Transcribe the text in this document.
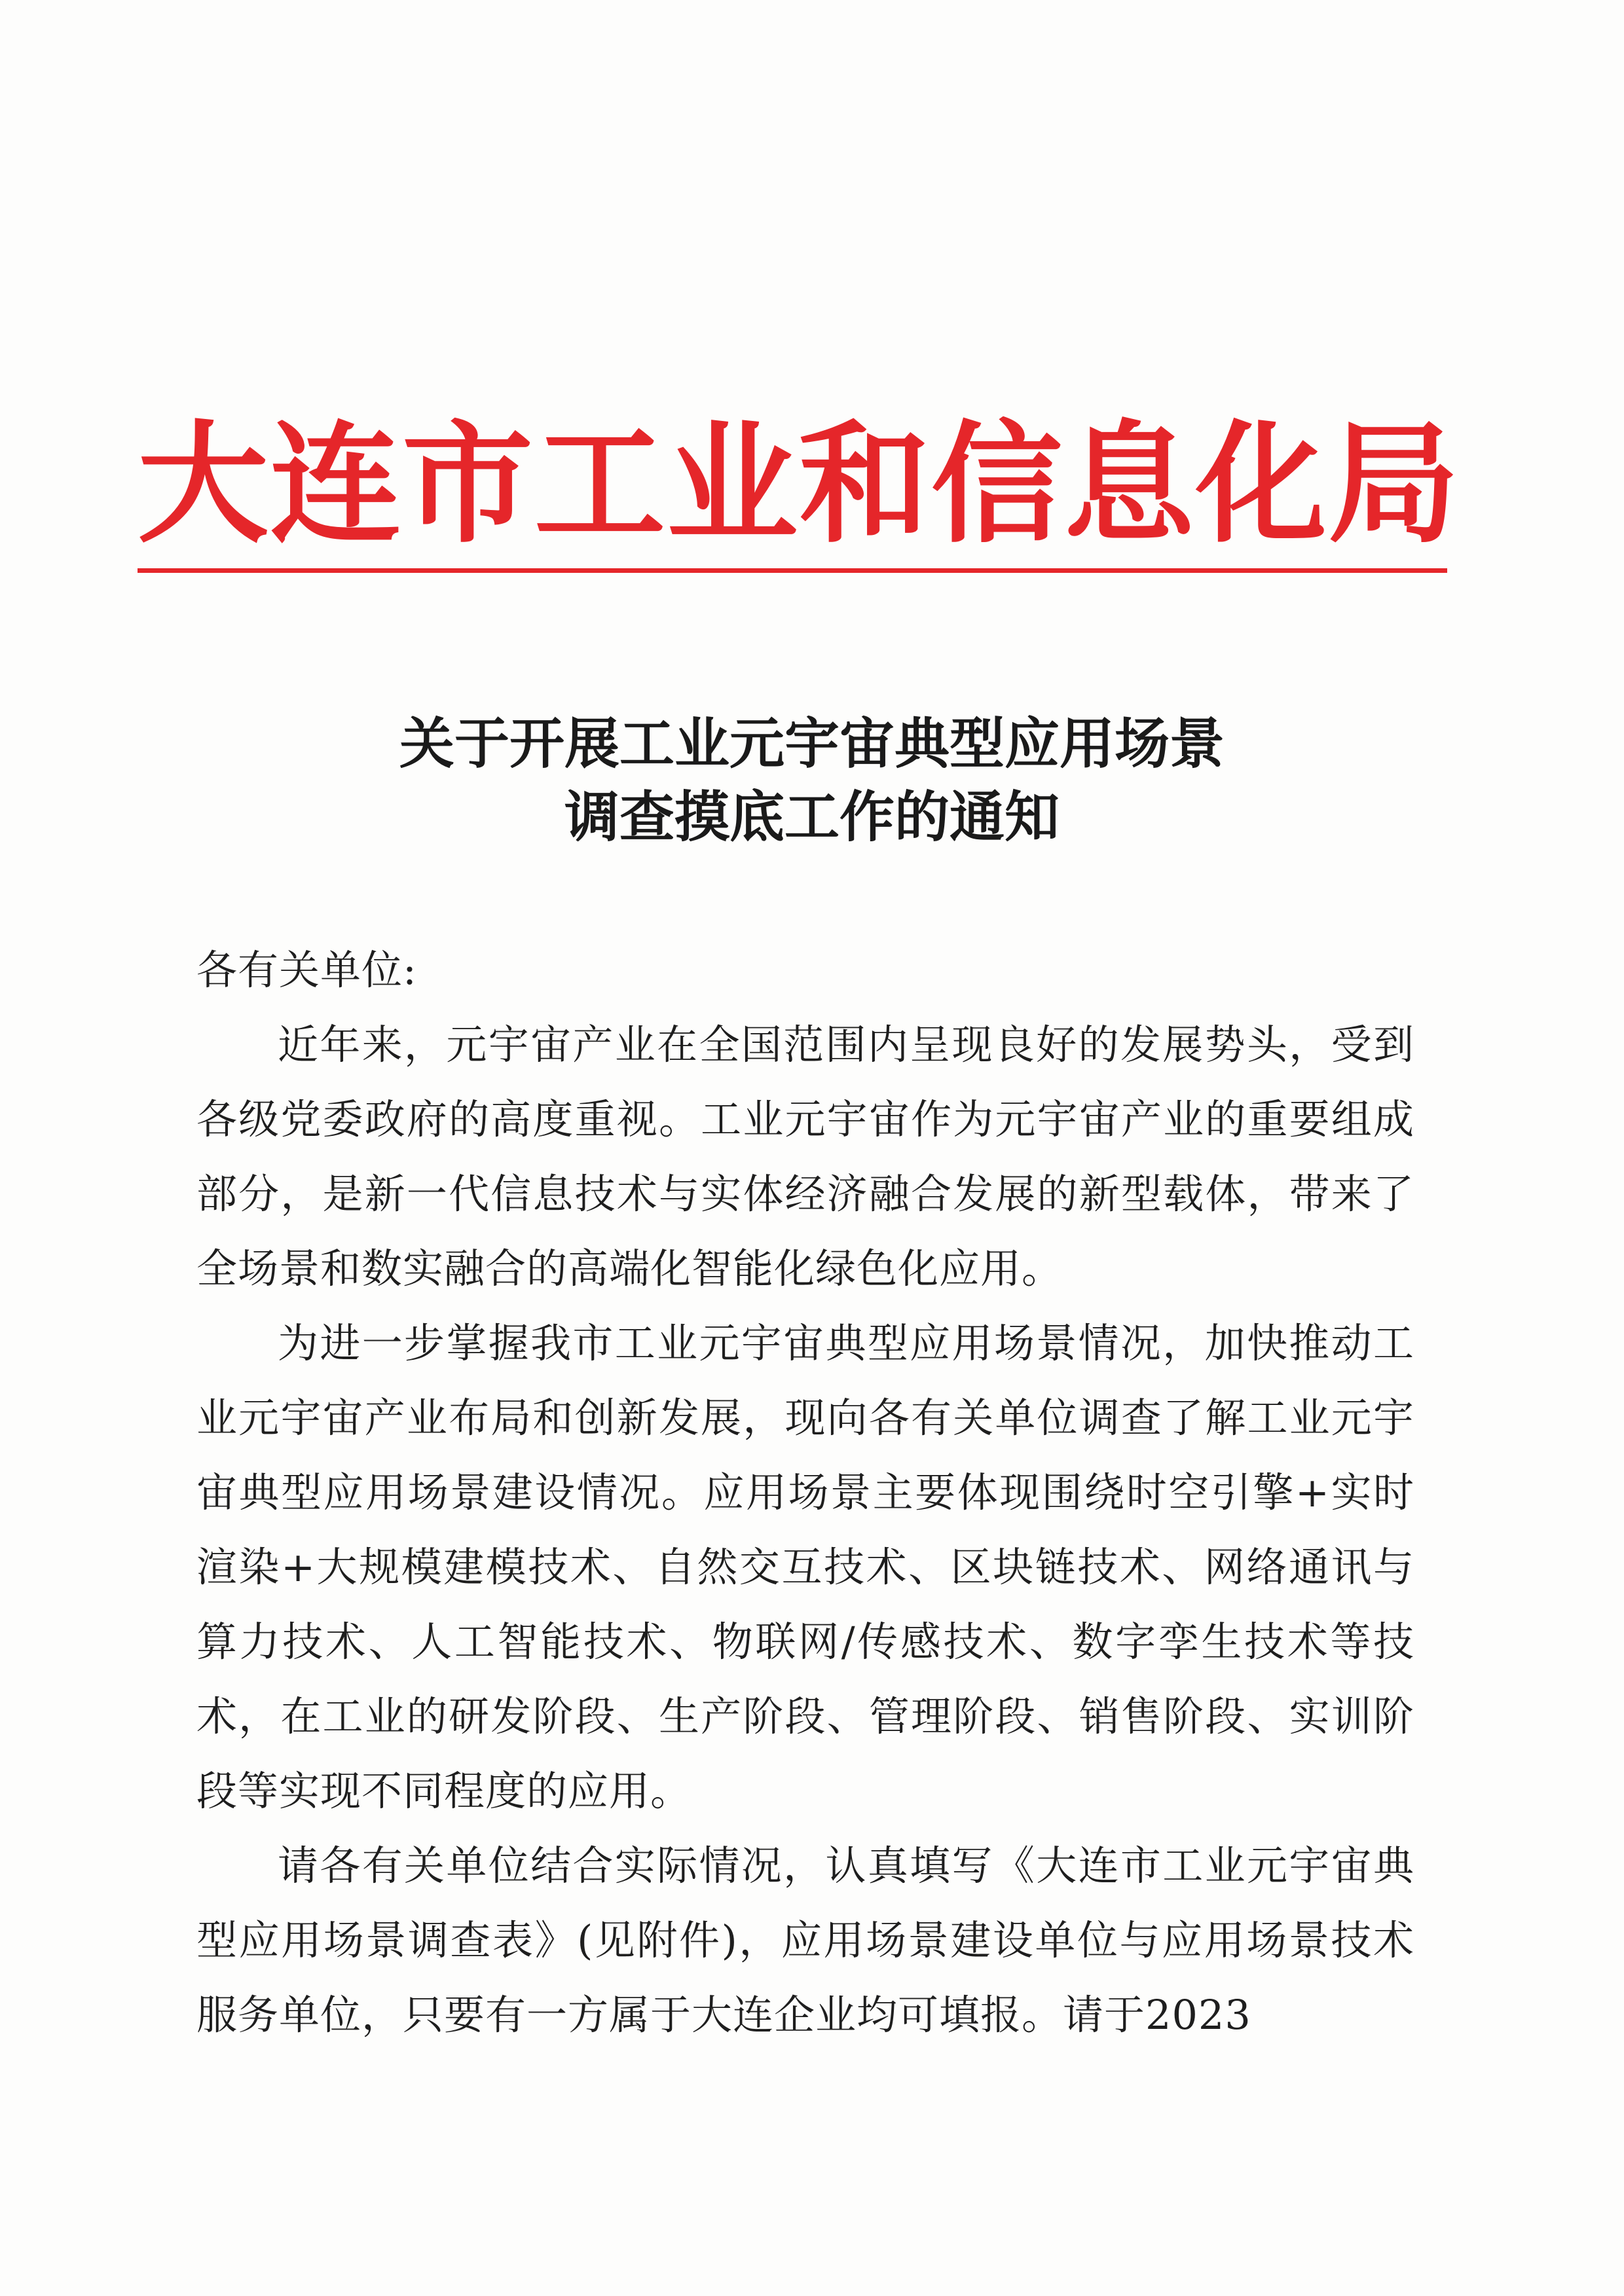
大连市工业和信息化局
关于开展工业元宇宙典型应用场景
调查摸底工作的通知

各有关单位:

近年来，元宇宙产业在全国范围内呈现良好的发展势头，受到各级党委政府的高度重视。工业元宇宙作为元宇宙产业的重要组成部分，是新一代信息技术与实体经济融合发展的新型载体，带来了全场景和数实融合的高端化智能化绿色化应用。

为进一步掌握我市工业元宇宙典型应用场景情况，加快推动工业元宇宙产业布局和创新发展，现向各有关单位调查了解工业元宇宙典型应用场景建设情况。应用场景主要体现围绕时空引擎+实时渲染+大规模建模技术、自然交互技术、区块链技术、网络通讯与算力技术、人工智能技术、物联网/传感技术、数字孪生技术等技术，在工业的研发阶段、生产阶段、管理阶段、销售阶段、实训阶段等实现不同程度的应用。

请各有关单位结合实际情况，认真填写《大连市工业元宇宙典型应用场景调查表》(见附件)，应用场景建设单位与应用场景技术服务单位，只要有一方属于大连企业均可填报。请于2023
